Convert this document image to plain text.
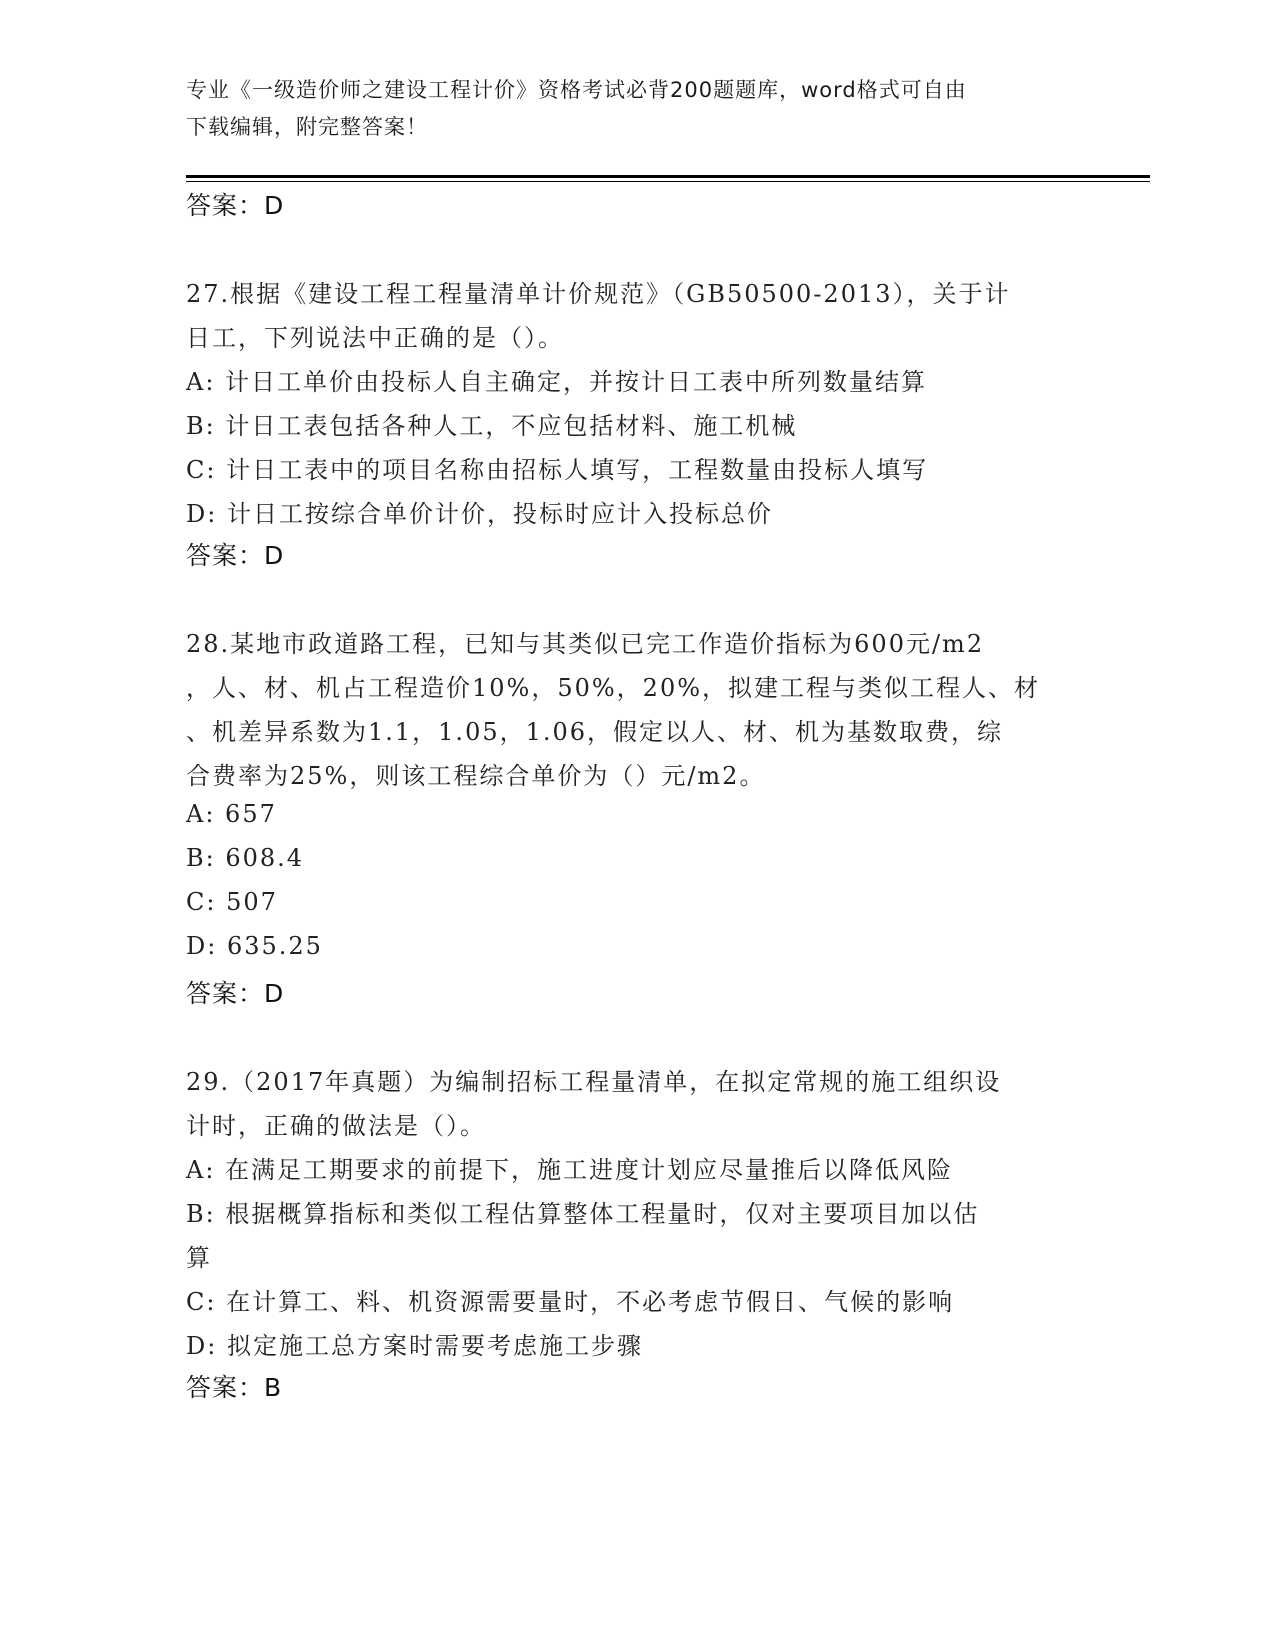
专业《一级造价师之建设工程计价》资格考试必背200题题库，word格式可自由
下载编辑，附完整答案！
答案：D
27.根据《建设工程工程量清单计价规范》（GB50500-2013），关于计
日工，下列说法中正确的是（）。
A: 计日工单价由投标人自主确定，并按计日工表中所列数量结算
B: 计日工表包括各种人工，不应包括材料、施工机械
C: 计日工表中的项目名称由招标人填写，工程数量由投标人填写
D: 计日工按综合单价计价，投标时应计入投标总价
答案：D
28.某地市政道路工程，已知与其类似已完工作造价指标为600元/m2
，人、材、机占工程造价10%，50%，20%，拟建工程与类似工程人、材
、机差异系数为1.1，1.05，1.06，假定以人、材、机为基数取费，综
合费率为25%，则该工程综合单价为（）元/m2。
A: 657
B: 608.4
C: 507
D: 635.25
答案：D
29.（2017年真题）为编制招标工程量清单，在拟定常规的施工组织设
计时，正确的做法是（）。
A: 在满足工期要求的前提下，施工进度计划应尽量推后以降低风险
B: 根据概算指标和类似工程估算整体工程量时，仅对主要项目加以估
算
C: 在计算工、料、机资源需要量时，不必考虑节假日、气候的影响
D: 拟定施工总方案时需要考虑施工步骤
答案：B
